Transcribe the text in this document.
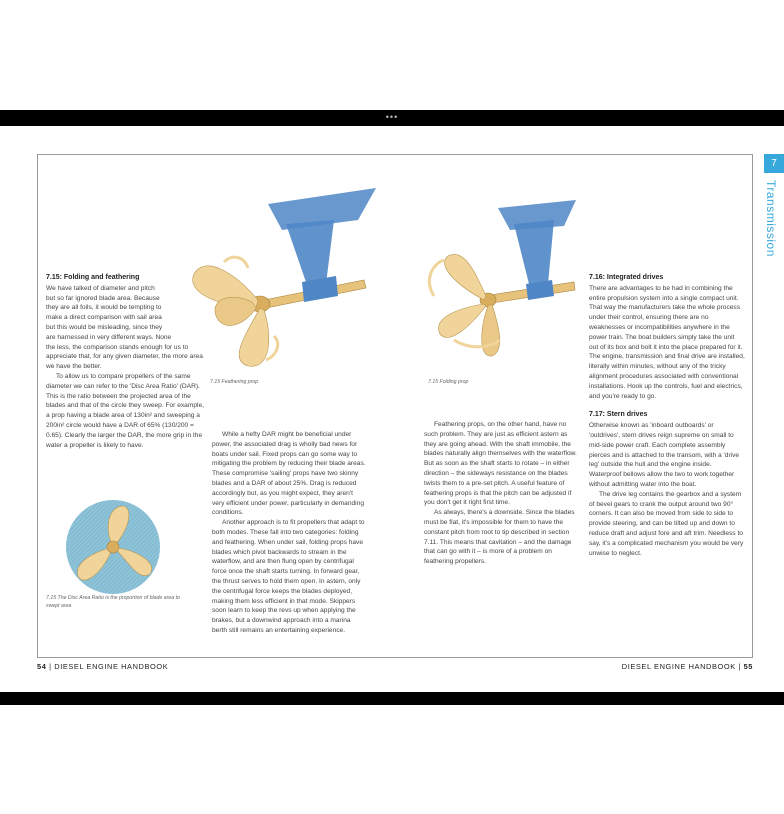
•••
7
Transmission
7.15 Feathering prop	7.15 Folding prop
7.15 The Disc Area Ratio is the proportion of blade area to
swept area
7.15: Folding and feathering
We have talked of diameter and pitch
but so far ignored blade area. Because
they are all foils, it would be tempting to
make a direct comparison with sail area
but this would be misleading, since they
are harnessed in very different ways. None
the less, the comparison stands enough for us to
appreciate that, for any given diameter, the more area
we have the better.

To allow us to compare propellers of the same diameter we can refer to the 'Disc Area Ratio' (DAR). This is the ratio between the projected area of the blades and that of the circle they sweep. For example, a prop having a blade area of 130in² and sweeping a 200in² circle would have a DAR of 65% (130/200 = 0.65). Clearly the larger the DAR, the more grip in the water a propeller is likely to have.

While a hefty DAR might be beneficial under power, the associated drag is wholly bad news for boats under sail. Fixed props can go some way to mitigating the problem by reducing their blade areas. These compromise 'sailing' props have two skinny blades and a DAR of about 25%. Drag is reduced accordingly but, as you might expect, they aren't very efficient under power, particularly in demanding conditions.

Another approach is to fit propellers that adapt to both modes. These fall into two categories: folding and feathering. When under sail, folding props have blades which pivot backwards to stream in the waterflow, and are then flung open by centrifugal force once the shaft starts turning. In forward gear, the thrust serves to hold them open. In astern, only the centrifugal force keeps the blades deployed, making them less efficient in that mode. Skippers soon learn to keep the revs up when applying the brakes, but a downwind approach into a marina berth still remains an entertaining experience.

Feathering props, on the other hand, have no such problem. They are just as efficient astern as they are going ahead. With the shaft immobile, the blades naturally align themselves with the waterflow. But as soon as the shaft starts to rotate – in either direction – the sideways resistance on the blades twists them to a pre-set pitch. A useful feature of feathering props is that the pitch can be adjusted if you don't get it right first time.

As always, there's a downside. Since the blades must be flat, it's impossible for them to have the constant pitch from root to tip described in section 7.11. This means that cavitation – and the damage that can go with it – is more of a problem on feathering propellers.

7.16: Integrated drives

There are advantages to be had in combining the entire propulsion system into a single compact unit. That way the manufacturers take the whole process under their control, ensuring there are no weaknesses or incompatibilities anywhere in the power train. The boat builders simply take the unit out of its box and bolt it into the place prepared for it. The engine, transmission and final drive are installed, literally within minutes, without any of the tricky alignment procedures associated with conventional installations. Hook up the controls, fuel and electrics, and you're ready to go.

7.17: Stern drives

Otherwise known as 'inboard outboards' or 'outdrives', stern drives reign supreme on small to mid-side power craft. Each complete assembly pierces and is attached to the transom, with a 'drive leg' outside the hull and the engine inside. Waterproof bellows allow the two to work together without admitting water into the boat.

The drive leg contains the gearbox and a system of bevel gears to crank the output around two 90° corners. It can also be moved from side to side to provide steering, and can be tilted up and down to reduce draft and adjust fore and aft trim. Needless to say, it's a complicated mechanism you would be very unwise to neglect.

54 | DIESEL ENGINE HANDBOOK	DIESEL ENGINE HANDBOOK | 55
